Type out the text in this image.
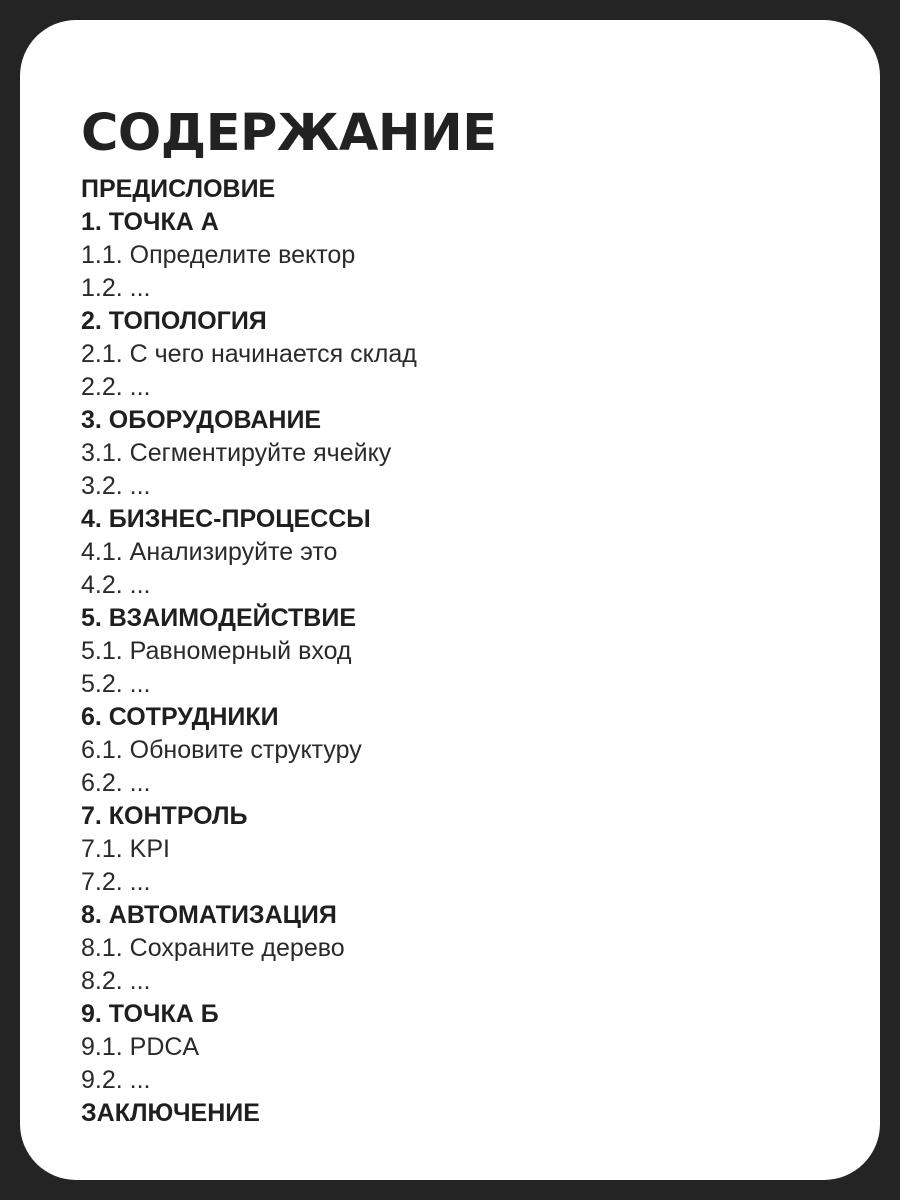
СОДЕРЖАНИЕ
ПРЕДИСЛОВИЕ
1. ТОЧКА А
1.1. Определите вектор
1.2. ...
2. ТОПОЛОГИЯ
2.1. С чего начинается склад
2.2. ...
3. ОБОРУДОВАНИЕ
3.1. Сегментируйте ячейку
3.2. ...
4. БИЗНЕС-ПРОЦЕССЫ
4.1. Анализируйте это
4.2. ...
5. ВЗАИМОДЕЙСТВИЕ
5.1. Равномерный вход
5.2. ...
6. СОТРУДНИКИ
6.1. Обновите структуру
6.2. ...
7. КОНТРОЛЬ
7.1. KPI
7.2. ...
8. АВТОМАТИЗАЦИЯ
8.1. Сохраните дерево
8.2. ...
9. ТОЧКА Б
9.1. PDCA
9.2. ...
ЗАКЛЮЧЕНИЕ
